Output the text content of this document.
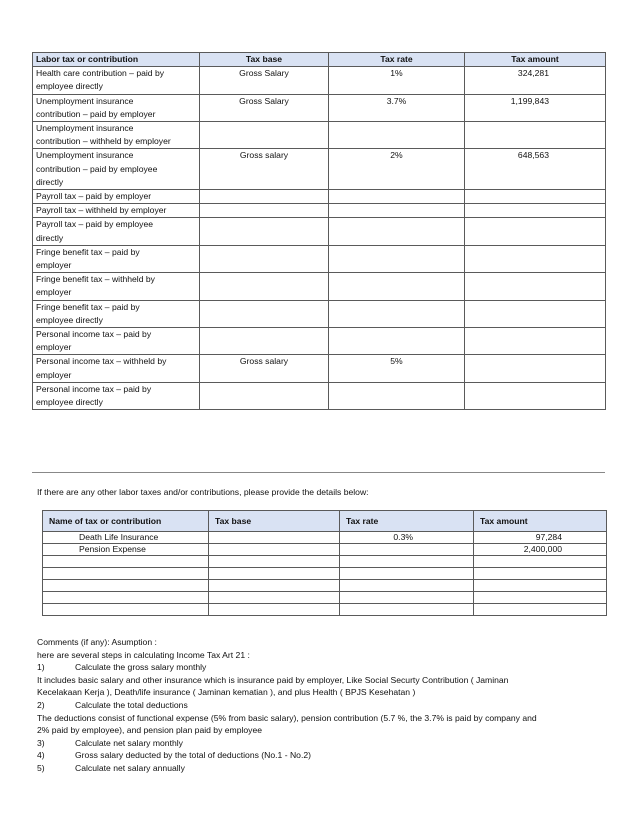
Labor tax or contribution	Tax base	Tax rate	Tax amount

Health care contribution – paid by
employee directly	Gross Salary	1%	324,281

Unemployment insurance
contribution – paid by employer	Gross Salary	3.7%	1,199,843

Unemployment insurance
contribution – withheld by employer			

Unemployment insurance
contribution – paid by employee
directly	Gross salary	2%	648,563

Payroll tax – paid by employer			

Payroll tax – withheld by employer			

Payroll tax – paid by employee
directly			

Fringe benefit tax – paid by
employer			

Fringe benefit tax – withheld by
employer			

Fringe benefit tax – paid by
employee directly			

Personal income tax – paid by
employer			

Personal income tax – withheld by
employer	Gross salary	5%	

Personal income tax – paid by
employee directly			

If there are any other labor taxes and/or contributions, please provide the details below:
Name of tax or contribution	Tax base	Tax rate	Tax amount
Death Life Insurance		0.3%	97,284
Pension Expense			2,400,000

Comments (if any): Asumption :
here are several steps in calculating Income Tax Art 21 :
1)	Calculate the gross salary monthly
It includes basic salary and other insurance which is insurance paid by employer, Like Social Securty Contribution ( Jaminan
Kecelakaan Kerja ), Death/life insurance ( Jaminan kematian ), and plus Health ( BPJS Kesehatan )
2)	Calculate the total deductions
The deductions consist of functional expense (5% from basic salary), pension contribution (5.7 %, the 3.7% is paid by company and
2% paid by employee), and pension plan paid by employee
3)	Calculate net salary monthly
4)	Gross salary deducted by the total of deductions (No.1 - No.2)
5)	Calculate net salary annually
